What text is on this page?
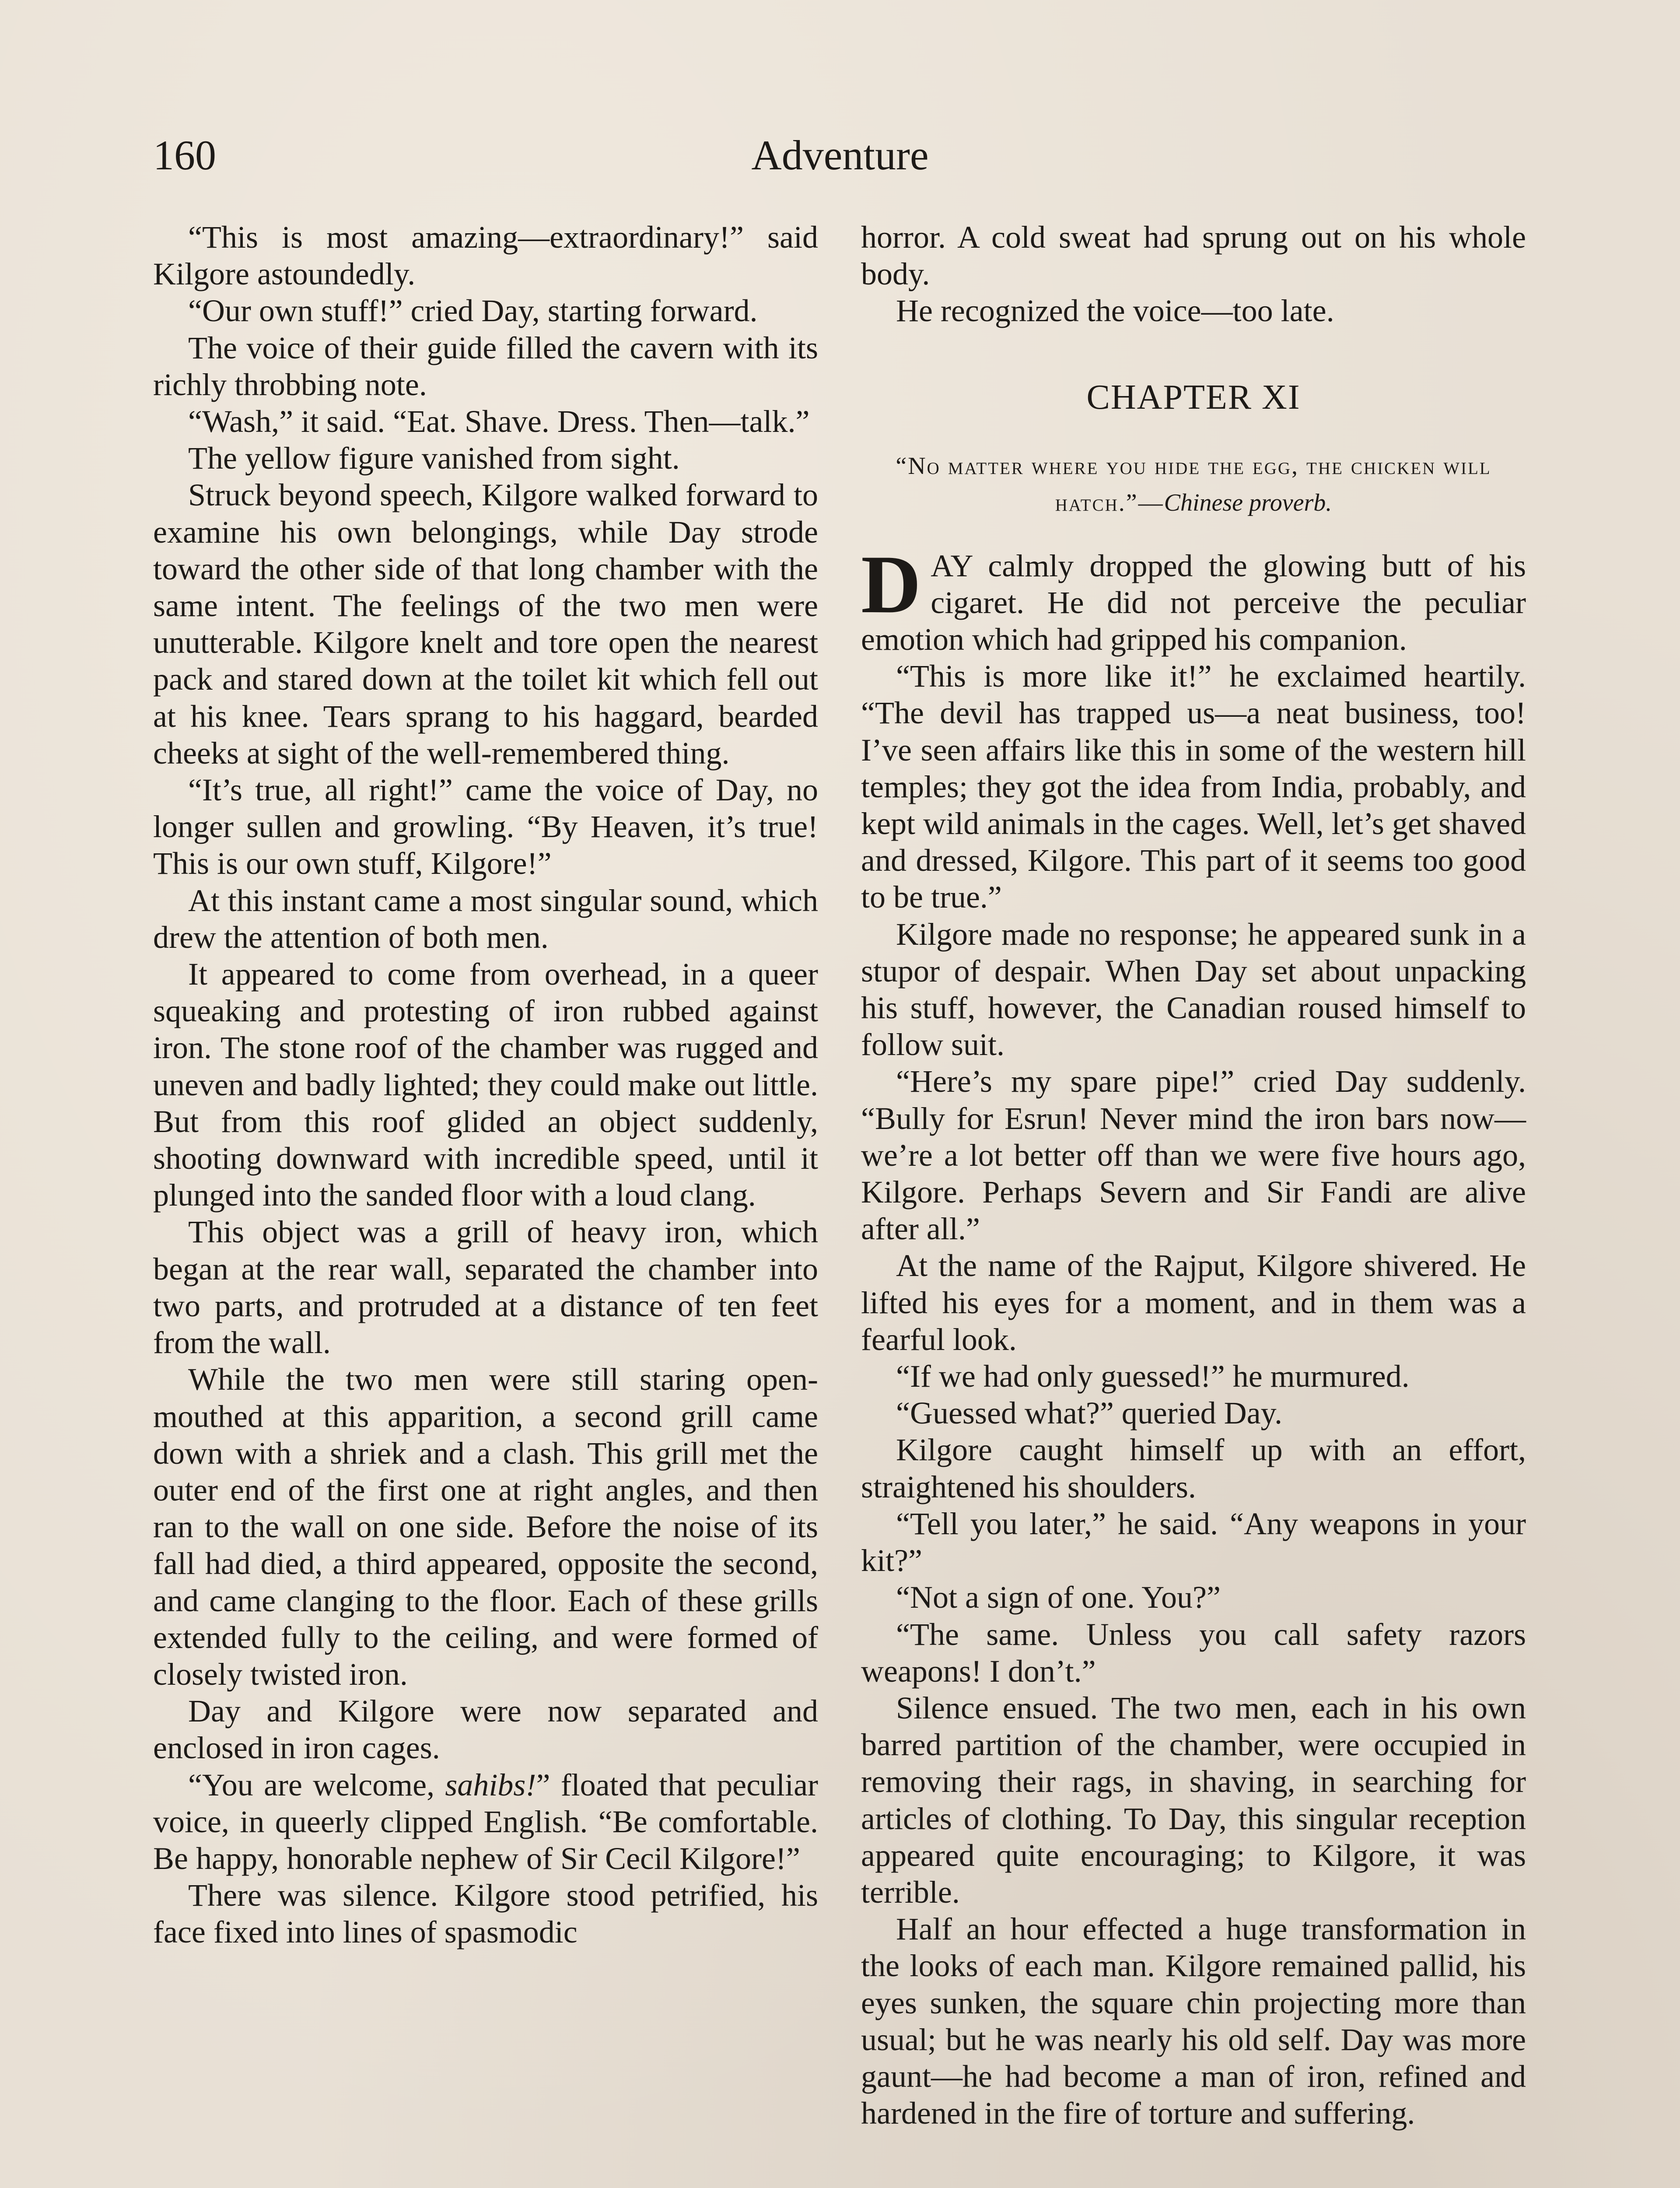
160	Adventure

“This is most amazing—extraordinary!” said Kilgore astoundedly.

“Our own stuff!” cried Day, starting forward.

The voice of their guide filled the cavern with its richly throbbing note.

“Wash,” it said. “Eat. Shave. Dress. Then—talk.”

The yellow figure vanished from sight.

Struck beyond speech, Kilgore walked forward to examine his own belongings, while Day strode toward the other side of that long chamber with the same intent. The feelings of the two men were unutterable. Kilgore knelt and tore open the nearest pack and stared down at the toilet kit which fell out at his knee. Tears sprang to his haggard, bearded cheeks at sight of the well-remembered thing.

“It’s true, all right!” came the voice of Day, no longer sullen and growling. “By Heaven, it’s true! This is our own stuff, Kilgore!”

At this instant came a most singular sound, which drew the attention of both men.

It appeared to come from overhead, in a queer squeaking and protesting of iron rubbed against iron. The stone roof of the chamber was rugged and uneven and badly lighted; they could make out little. But from this roof glided an object suddenly, shooting downward with incredible speed, until it plunged into the sanded floor with a loud clang.

This object was a grill of heavy iron, which began at the rear wall, separated the chamber into two parts, and protruded at a distance of ten feet from the wall.

While the two men were still staring open-mouthed at this apparition, a second grill came down with a shriek and a clash. This grill met the outer end of the first one at right angles, and then ran to the wall on one side. Before the noise of its fall had died, a third appeared, opposite the second, and came clanging to the floor. Each of these grills extended fully to the ceiling, and were formed of closely twisted iron.

Day and Kilgore were now separated and enclosed in iron cages.

“You are welcome, sahibs!” floated that peculiar voice, in queerly clipped English. “Be comfortable. Be happy, honorable nephew of Sir Cecil Kilgore!”

There was silence. Kilgore stood petrified, his face fixed into lines of spasmodic

horror. A cold sweat had sprung out on his whole body.

He recognized the voice—too late.

CHAPTER XI
“No matter where you hide the egg, the chicken will hatch.”—Chinese proverb.

DAY calmly dropped the glowing butt of his cigaret. He did not perceive the peculiar emotion which had gripped his companion.

“This is more like it!” he exclaimed heartily. “The devil has trapped us—a neat business, too! I’ve seen affairs like this in some of the western hill temples; they got the idea from India, probably, and kept wild animals in the cages. Well, let’s get shaved and dressed, Kilgore. This part of it seems too good to be true.”

Kilgore made no response; he appeared sunk in a stupor of despair. When Day set about unpacking his stuff, however, the Canadian roused himself to follow suit.

“Here’s my spare pipe!” cried Day suddenly. “Bully for Esrun! Never mind the iron bars now—we’re a lot better off than we were five hours ago, Kilgore. Perhaps Severn and Sir Fandi are alive after all.”

At the name of the Rajput, Kilgore shivered. He lifted his eyes for a moment, and in them was a fearful look.

“If we had only guessed!” he murmured.

“Guessed what?” queried Day.

Kilgore caught himself up with an effort, straightened his shoulders.

“Tell you later,” he said. “Any weapons in your kit?”

“Not a sign of one. You?”

“The same. Unless you call safety razors weapons! I don’t.”

Silence ensued. The two men, each in his own barred partition of the chamber, were occupied in removing their rags, in shaving, in searching for articles of clothing. To Day, this singular reception appeared quite encouraging; to Kilgore, it was terrible.

Half an hour effected a huge transformation in the looks of each man. Kilgore remained pallid, his eyes sunken, the square chin projecting more than usual; but he was nearly his old self. Day was more gaunt—he had become a man of iron, refined and hardened in the fire of torture and suffering.
